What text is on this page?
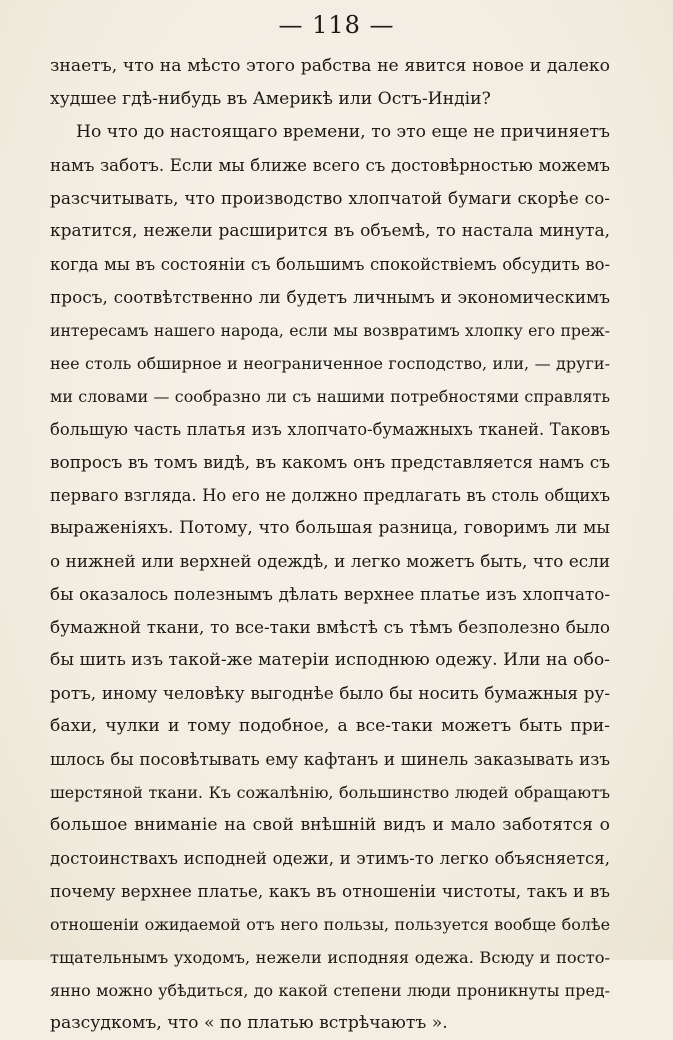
— 118 —
знаетъ, что на мѣсто этого рабства не явится новое и далеко
худшее гдѣ-нибудь въ Америкѣ или Остъ-Индіи?
Но что до настоящаго времени, то это еще не причиняетъ
намъ заботъ. Если мы ближе всего съ достовѣрностью можемъ
разсчитывать, что производство хлопчатой бумаги скорѣе со-
кратится, нежели расширится въ объемѣ, то настала минута,
когда мы въ состояніи съ большимъ спокойствіемъ обсудить во-
просъ, соотвѣтственно ли будетъ личнымъ и экономическимъ
интересамъ нашего народа, если мы возвратимъ хлопку его преж-
нее столь обширное и неограниченное господство, или, — други-
ми словами — сообразно ли съ нашими потребностями справлять
большую часть платья изъ хлопчато-бумажныхъ тканей. Таковъ
вопросъ въ томъ видѣ, въ какомъ онъ представляется намъ съ
перваго взгляда. Но его не должно предлагать въ столь общихъ
выраженіяхъ. Потому, что большая разница, говоримъ ли мы
о нижней или верхней одеждѣ, и легко можетъ быть, что если
бы оказалось полезнымъ дѣлать верхнее платье изъ хлопчато-
бумажной ткани, то все-таки вмѣстѣ съ тѣмъ безполезно было
бы шить изъ такой-же матеріи исподнюю одежу. Или на обо-
ротъ, иному человѣку выгоднѣе было бы носить бумажныя ру-
бахи, чулки и тому подобное, а все-таки можетъ быть при-
шлось бы посовѣтывать ему кафтанъ и шинель заказывать изъ
шерстяной ткани. Къ сожалѣнію, большинство людей обращаютъ
большое вниманіе на свой внѣшній видъ и мало заботятся о
достоинствахъ исподней одежи, и этимъ-то легко объясняется,
почему верхнее платье, какъ въ отношеніи чистоты, такъ и въ
отношеніи ожидаемой отъ него пользы, пользуется вообще болѣе
тщательнымъ уходомъ, нежели исподняя одежа. Всюду и посто-
янно можно убѣдиться, до какой степени люди проникнуты пред-
разсудкомъ, что « по платью встрѣчаютъ ».
